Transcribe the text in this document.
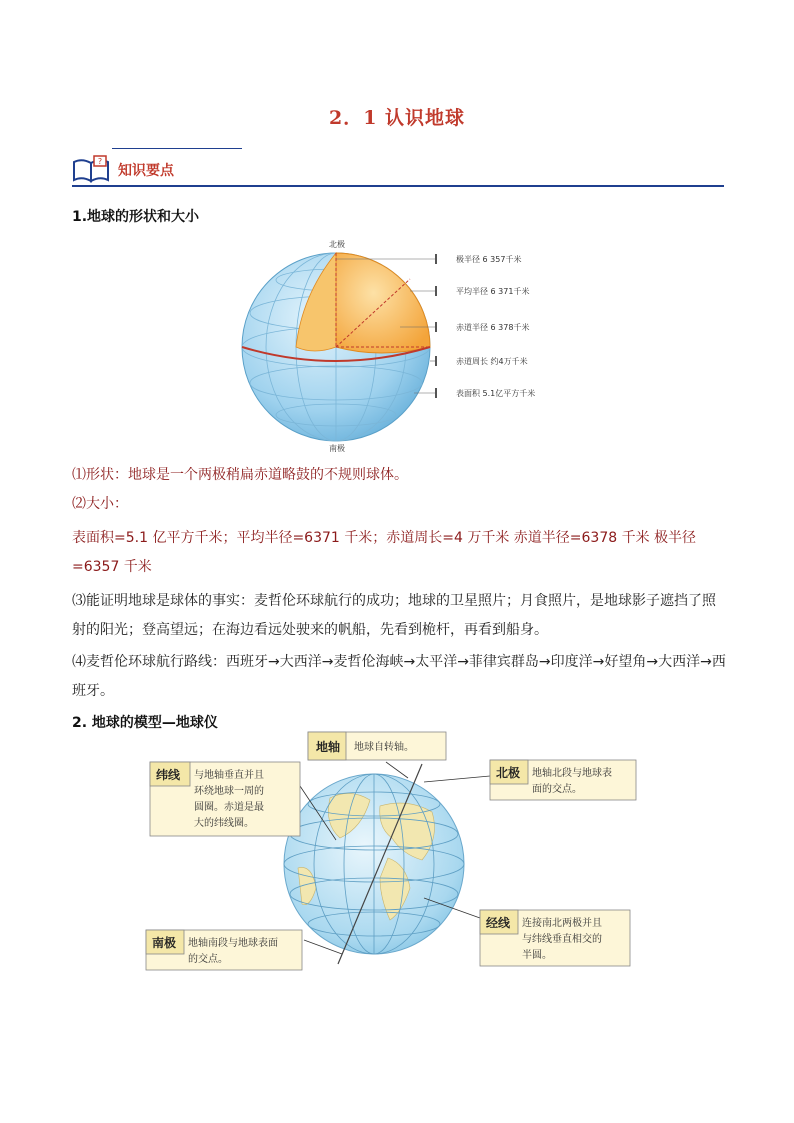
2．1 认识地球
?
知识要点
1.地球的形状和大小
北极
南极
极半径 6 357千米
平均半径 6 371千米
赤道半径 6 378千米
赤道周长 约4万千米
表面积 5.1亿平方千米
⑴形状：地球是一个两极稍扁赤道略鼓的不规则球体。
⑵大小：
表面积=5.1 亿平方千米；平均半径=6371 千米；赤道周长=4 万千米 赤道半径=6378 千米 极半径=6357 千米
⑶能证明地球是球体的事实：麦哲伦环球航行的成功；地球的卫星照片；月食照片，是地球影子遮挡了照射的阳光；登高望远；在海边看远处驶来的帆船，先看到桅杆，再看到船身。
⑷麦哲伦环球航行路线：西班牙→大西洋→麦哲伦海峡→太平洋→菲律宾群岛→印度洋→好望角→大西洋→西班牙。
2. 地球的模型—地球仪
地轴 地球自转轴。
纬线 与地轴垂直并且
环绕地球一周的
圆圈。赤道是最
大的纬线圈。
北极 地轴北段与地球表
面的交点。
经线 连接南北两极并且
与纬线垂直相交的
半圆。
南极 地轴南段与地球表面
的交点。
